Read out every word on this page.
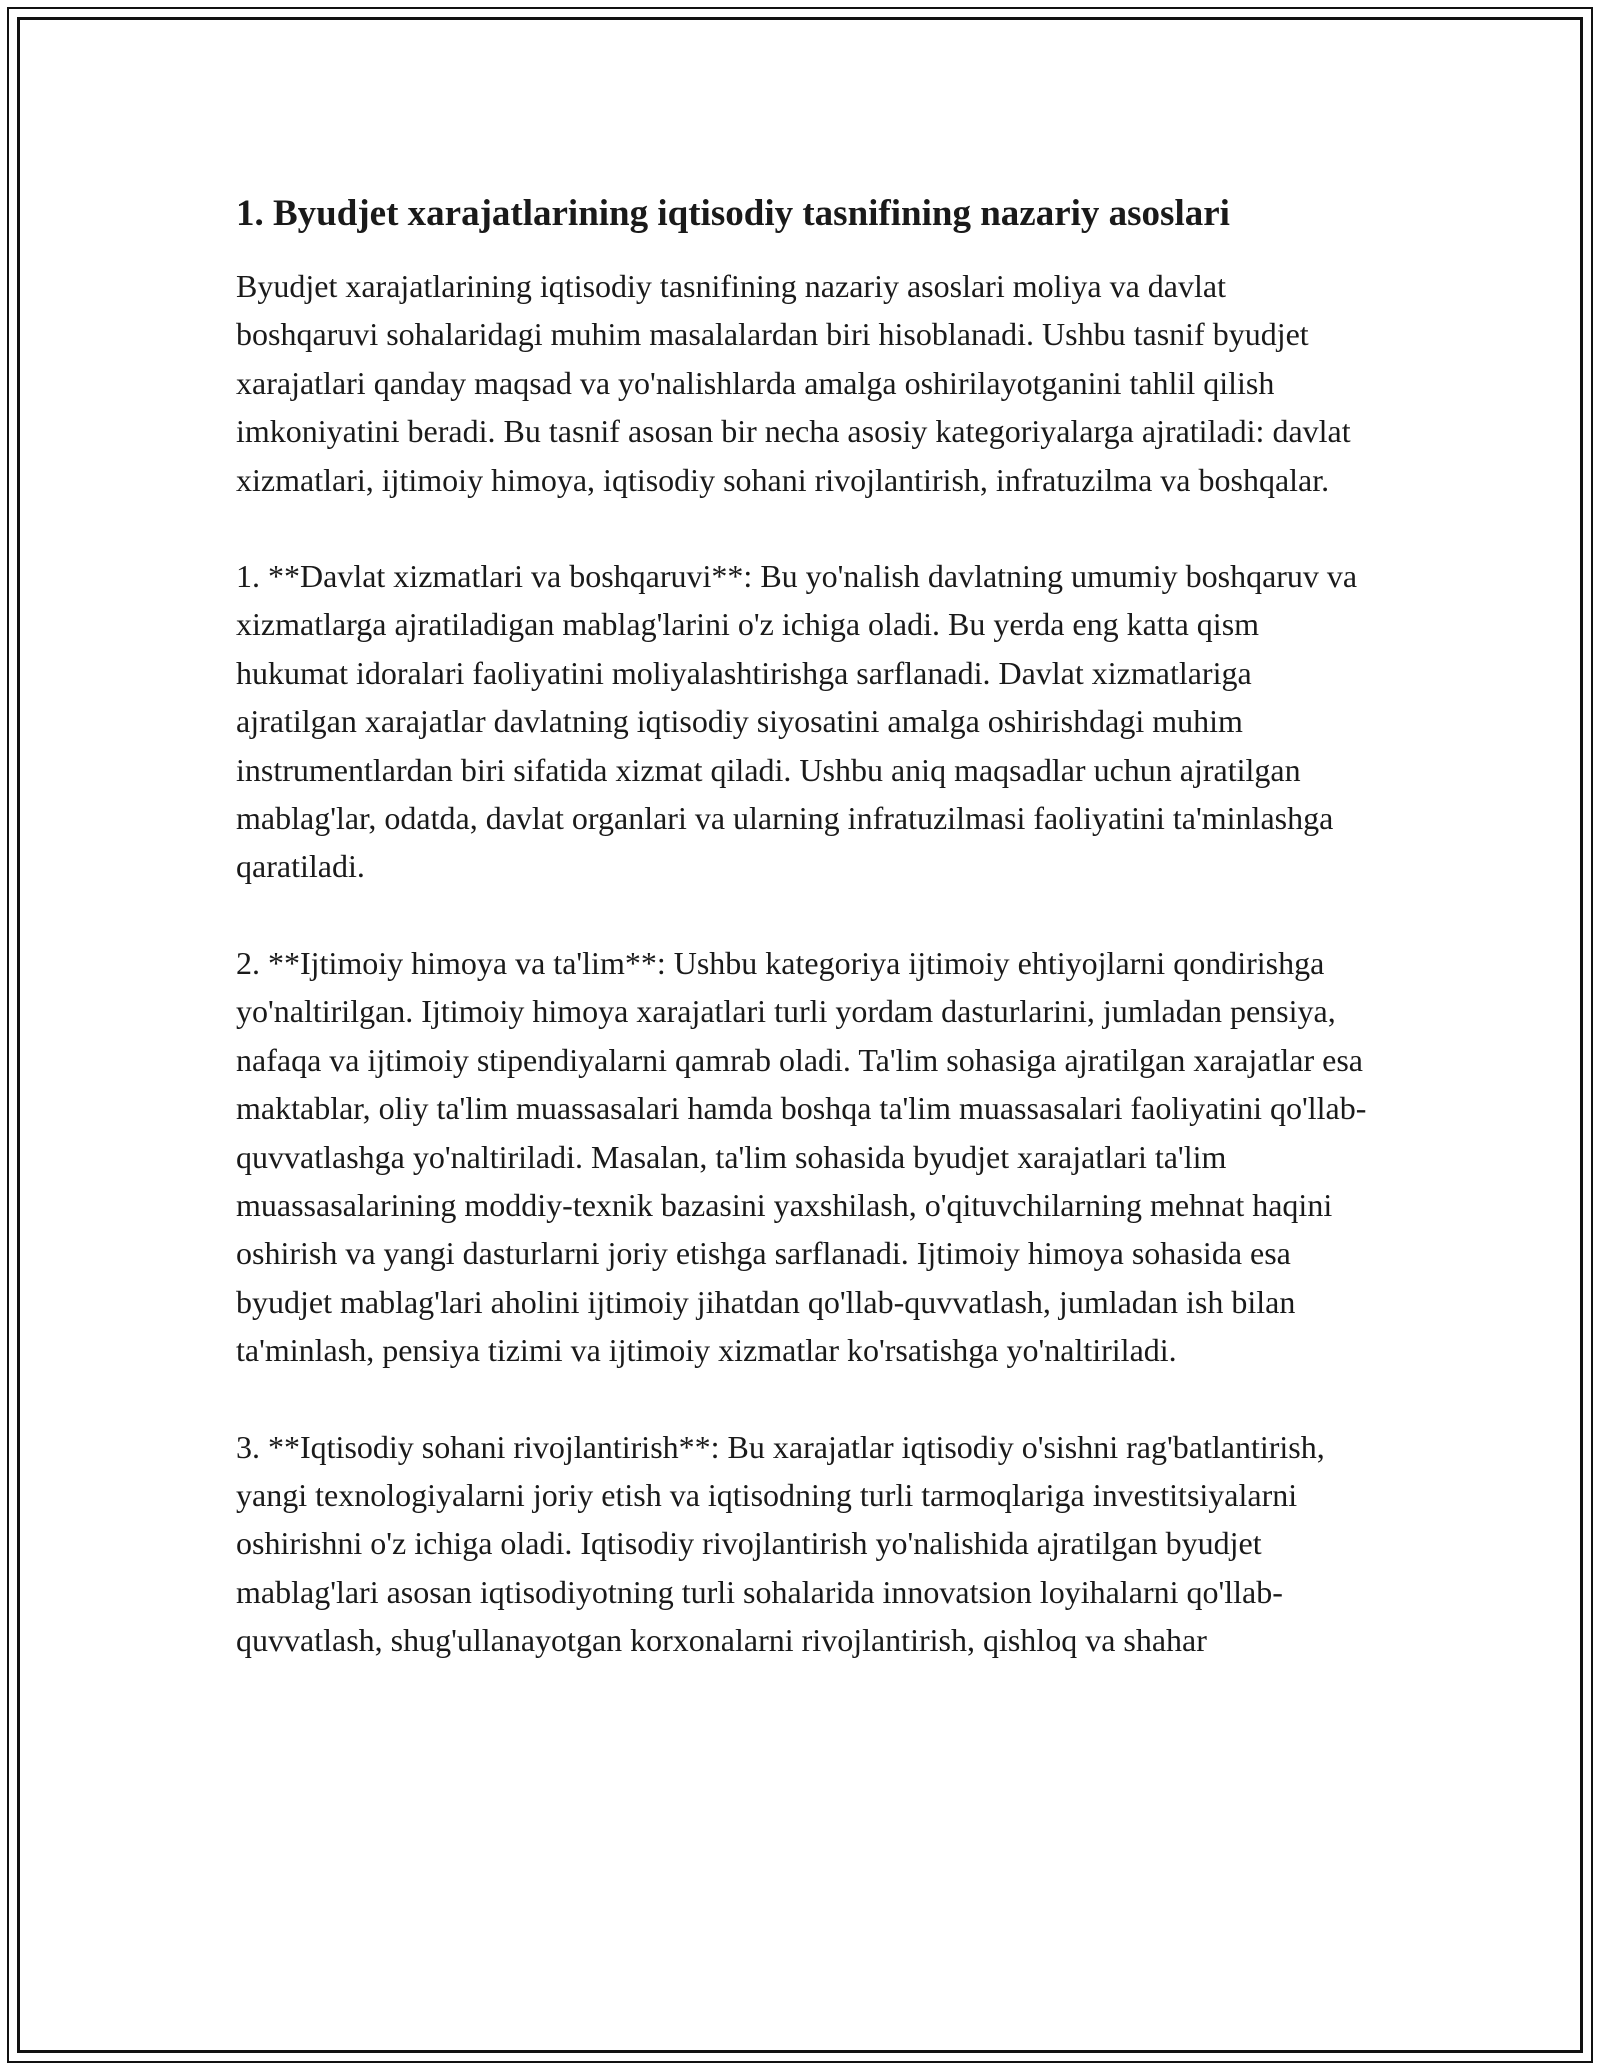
1. Byudjet xarajatlarining iqtisodiy tasnifining nazariy asoslari

Byudjet xarajatlarining iqtisodiy tasnifining nazariy asoslari moliya va davlat boshqaruvi sohalaridagi muhim masalalardan biri hisoblanadi. Ushbu tasnif byudjet xarajatlari qanday maqsad va yo'nalishlarda amalga oshirilayotganini tahlil qilish imkoniyatini beradi. Bu tasnif asosan bir necha asosiy kategoriyalarga ajratiladi: davlat xizmatlari, ijtimoiy himoya, iqtisodiy sohani rivojlantirish, infratuzilma va boshqalar.

1. **Davlat xizmatlari va boshqaruvi**: Bu yo'nalish davlatning umumiy boshqaruv va xizmatlarga ajratiladigan mablag'larini o'z ichiga oladi. Bu yerda eng katta qism hukumat idoralari faoliyatini moliyalashtirishga sarflanadi. Davlat xizmatlariga ajratilgan xarajatlar davlatning iqtisodiy siyosatini amalga oshirishdagi muhim instrumentlardan biri sifatida xizmat qiladi. Ushbu aniq maqsadlar uchun ajratilgan mablag'lar, odatda, davlat organlari va ularning infratuzilmasi faoliyatini ta'minlashga qaratiladi.

2. **Ijtimoiy himoya va ta'lim**: Ushbu kategoriya ijtimoiy ehtiyojlarni qondirishga yo'naltirilgan. Ijtimoiy himoya xarajatlari turli yordam dasturlarini, jumladan pensiya, nafaqa va ijtimoiy stipendiyalarni qamrab oladi. Ta'lim sohasiga ajratilgan xarajatlar esa maktablar, oliy ta'lim muassasalari hamda boshqa ta'lim muassasalari faoliyatini qo'llab-quvvatlashga yo'naltiriladi. Masalan, ta'lim sohasida byudjet xarajatlari ta'lim muassasalarining moddiy-texnik bazasini yaxshilash, o'qituvchilarning mehnat haqini oshirish va yangi dasturlarni joriy etishga sarflanadi. Ijtimoiy himoya sohasida esa byudjet mablag'lari aholini ijtimoiy jihatdan qo'llab-quvvatlash, jumladan ish bilan ta'minlash, pensiya tizimi va ijtimoiy xizmatlar ko'rsatishga yo'naltiriladi.

3. **Iqtisodiy sohani rivojlantirish**: Bu xarajatlar iqtisodiy o'sishni rag'batlantirish, yangi texnologiyalarni joriy etish va iqtisodning turli tarmoqlariga investitsiyalarni oshirishni o'z ichiga oladi. Iqtisodiy rivojlantirish yo'nalishida ajratilgan byudjet mablag'lari asosan iqtisodiyotning turli sohalarida innovatsion loyihalarni qo'llab-quvvatlash, shug'ullanayotgan korxonalarni rivojlantirish, qishloq va shahar
